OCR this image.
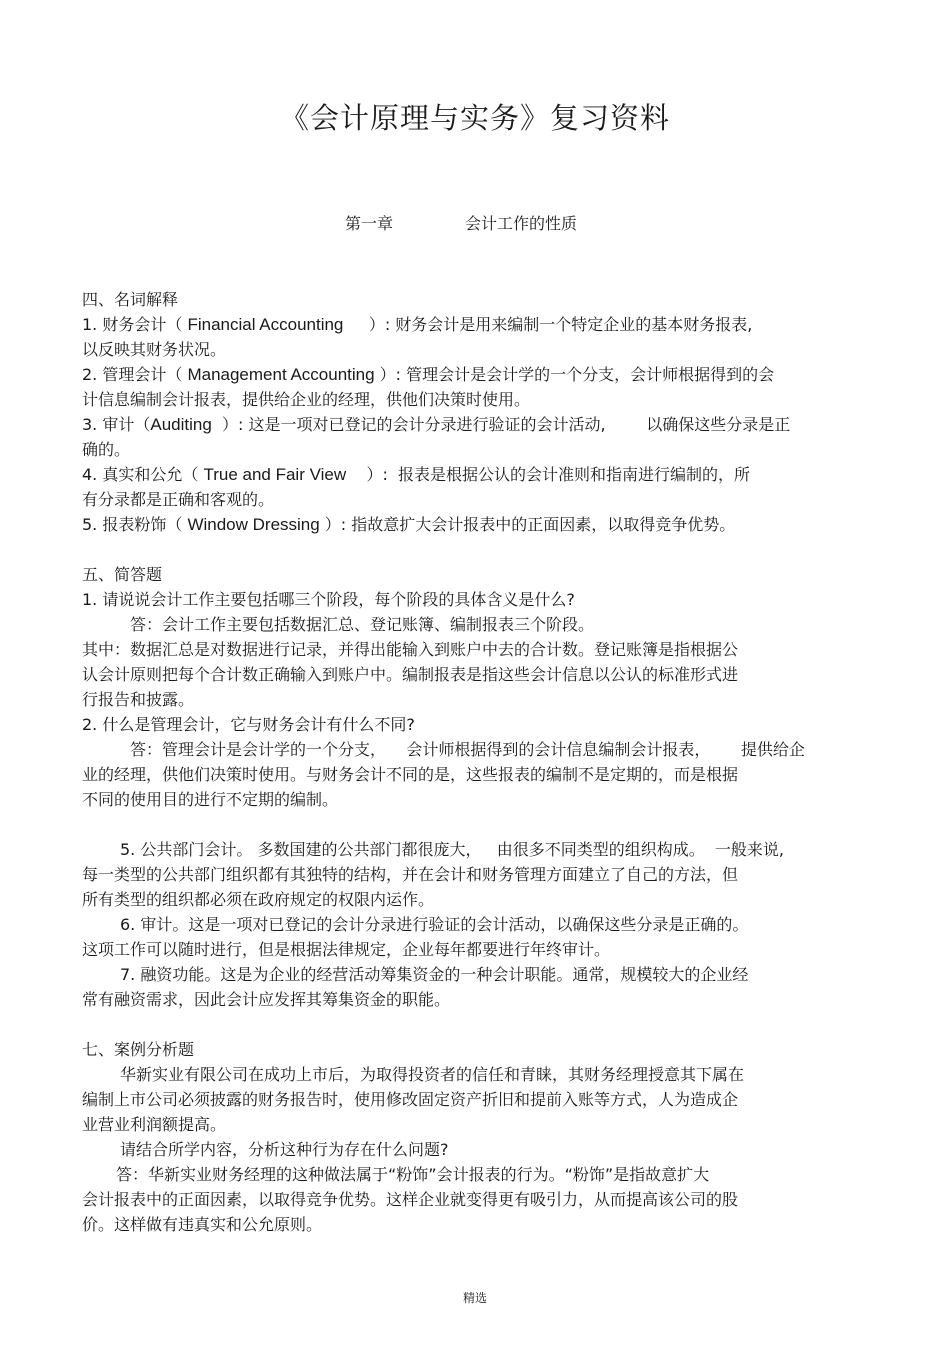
《会计原理与实务》复习资料
第一章	会计工作的性质
四、名词解释
1. 财务会计（ Financial Accounting     ）: 财务会计是用来编制一个特定企业的基本财务报表,
以反映其财务状况。
2. 管理会计（ Management Accounting ）: 管理会计是会计学的一个分支，会计师根据得到的会
计信息编制会计报表，提供给企业的经理，供他们决策时使用。
3. 审计（Auditing  ）: 这是一项对已登记的会计分录进行验证的会计活动,        以确保这些分录是正
确的。
4. 真实和公允（ True and Fair View    ）:  报表是根据公认的会计准则和指南进行编制的，所
有分录都是正确和客观的。
5. 报表粉饰（ Window Dressing ）: 指故意扩大会计报表中的正面因素，以取得竞争优势。
五、简答题
1. 请说说会计工作主要包括哪三个阶段，每个阶段的具体含义是什么?
答：会计工作主要包括数据汇总、登记账簿、编制报表三个阶段。
其中：数据汇总是对数据进行记录，并得出能输入到账户中去的合计数。登记账簿是指根据公
认会计原则把每个合计数正确输入到账户中。编制报表是指这些会计信息以公认的标准形式进
行报告和披露。
2. 什么是管理会计，它与财务会计有什么不同?
答：管理会计是会计学的一个分支，    会计师根据得到的会计信息编制会计报表，      提供给企
业的经理，供他们决策时使用。与财务会计不同的是，这些报表的编制不是定期的，而是根据
不同的使用目的进行不定期的编制。
5. 公共部门会计。 多数国建的公共部门都很庞大，   由很多不同类型的组织构成。  一般来说,
每一类型的公共部门组织都有其独特的结构，并在会计和财务管理方面建立了自己的方法，但
所有类型的组织都必须在政府规定的权限内运作。
6. 审计。这是一项对已登记的会计分录进行验证的会计活动，以确保这些分录是正确的。
这项工作可以随时进行，但是根据法律规定，企业每年都要进行年终审计。
7. 融资功能。这是为企业的经营活动筹集资金的一种会计职能。通常，规模较大的企业经
常有融资需求，因此会计应发挥其筹集资金的职能。
七、案例分析题
华新实业有限公司在成功上市后，为取得投资者的信任和青睐，其财务经理授意其下属在
编制上市公司必须披露的财务报告时，使用修改固定资产折旧和提前入账等方式，人为造成企
业营业利润额提高。
请结合所学内容，分析这种行为存在什么问题?
答：华新实业财务经理的这种做法属于“粉饰”会计报表的行为。“粉饰”是指故意扩大
会计报表中的正面因素，以取得竞争优势。这样企业就变得更有吸引力，从而提高该公司的股
价。这样做有违真实和公允原则。
精选
